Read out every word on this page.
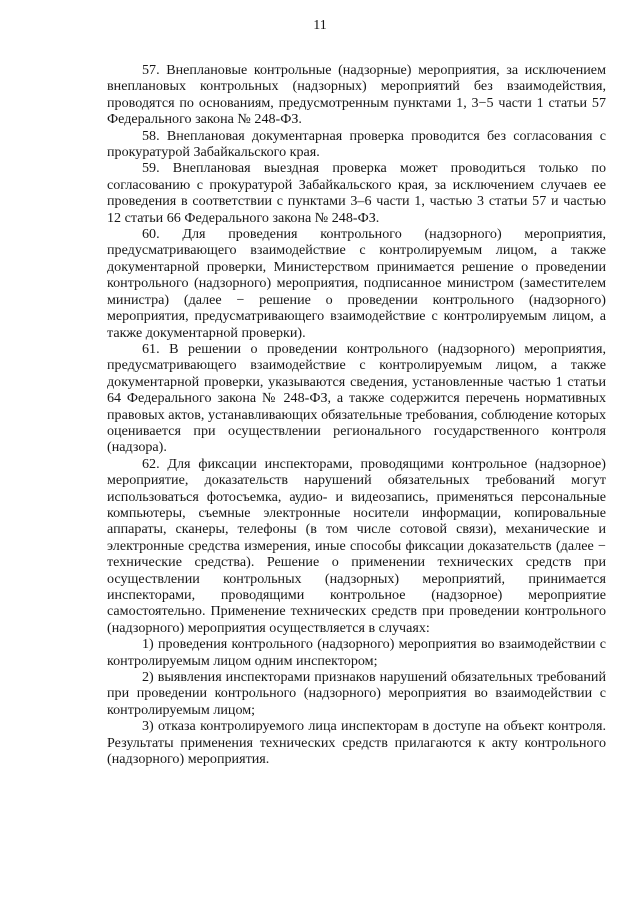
11

57. Внеплановые контрольные (надзорные) мероприятия, за исключением внеплановых контрольных (надзорных) мероприятий без взаимодействия, проводятся по основаниям, предусмотренным пунктами 1, 3−5 части 1 статьи 57 Федерального закона № 248-ФЗ.

58. Внеплановая документарная проверка проводится без согласования с прокуратурой Забайкальского края.

59. Внеплановая выездная проверка может проводиться только по согласованию с прокуратурой Забайкальского края, за исключением случаев ее проведения в соответствии с пунктами 3–6 части 1, частью 3 статьи 57 и частью 12 статьи 66 Федерального закона № 248-ФЗ.

60. Для проведения контрольного (надзорного) мероприятия, предусматривающего взаимодействие с контролируемым лицом, а также документарной проверки, Министерством принимается решение о проведении контрольного (надзорного) мероприятия, подписанное министром (заместителем министра) (далее − решение о проведении контрольного (надзорного) мероприятия, предусматривающего взаимодействие с контролируемым лицом, а также документарной проверки).

61. В решении о проведении контрольного (надзорного) мероприятия, предусматривающего взаимодействие с контролируемым лицом, а также документарной проверки, указываются сведения, установленные частью 1 статьи 64 Федерального закона № 248-ФЗ, а также содержится перечень нормативных правовых актов, устанавливающих обязательные требования, соблюдение которых оценивается при осуществлении регионального государственного контроля (надзора).

62. Для фиксации инспекторами, проводящими контрольное (надзорное) мероприятие, доказательств нарушений обязательных требований могут использоваться фотосъемка, аудио- и видеозапись, применяться персональные компьютеры, съемные электронные носители информации, копировальные аппараты, сканеры, телефоны (в том числе сотовой связи), механические и электронные средства измерения, иные способы фиксации доказательств (далее − технические средства). Решение о применении технических средств при осуществлении контрольных (надзорных) мероприятий, принимается инспекторами, проводящими контрольное (надзорное) мероприятие самостоятельно. Применение технических средств при проведении контрольного (надзорного) мероприятия осуществляется в случаях:

1) проведения контрольного (надзорного) мероприятия во взаимодействии с контролируемым лицом одним инспектором;

2) выявления инспекторами признаков нарушений обязательных требований при проведении контрольного (надзорного) мероприятия во взаимодействии с контролируемым лицом;

3) отказа контролируемого лица инспекторам в доступе на объект контроля. Результаты применения технических средств прилагаются к акту контрольного (надзорного) мероприятия.
